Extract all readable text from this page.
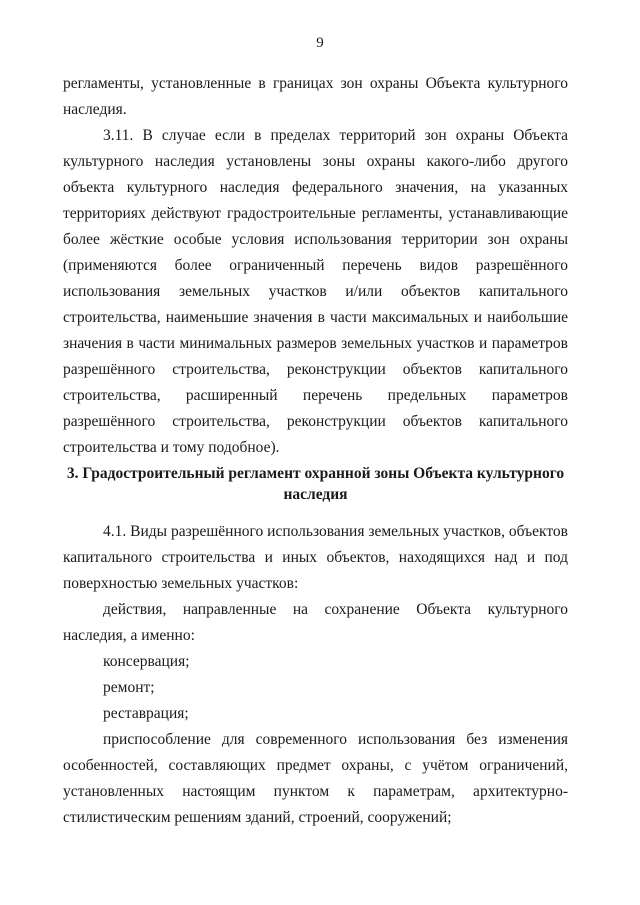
9

регламенты, установленные в границах зон охраны Объекта культурного наследия.

3.11. В случае если в пределах территорий зон охраны Объекта культурного наследия установлены зоны охраны какого-либо другого объекта культурного наследия федерального значения, на указанных территориях действуют градостроительные регламенты, устанавливающие более жёсткие особые условия использования территории зон охраны (применяются более ограниченный перечень видов разрешённого использования земельных участков и/или объектов капитального строительства, наименьшие значения в части максимальных и наибольшие значения в части минимальных размеров земельных участков и параметров разрешённого строительства, реконструкции объектов капитального строительства, расширенный перечень предельных параметров разрешённого строительства, реконструкции объектов капитального строительства и тому подобное).

3. Градостроительный регламент охранной зоны Объекта культурного наследия

4.1. Виды разрешённого использования земельных участков, объектов капитального строительства и иных объектов, находящихся над и под поверхностью земельных участков:

действия, направленные на сохранение Объекта культурного наследия, а именно:

консервация;

ремонт;

реставрация;

приспособление для современного использования без изменения особенностей, составляющих предмет охраны, с учётом ограничений, установленных настоящим пунктом к параметрам, архитектурно-стилистическим решениям зданий, строений, сооружений;
